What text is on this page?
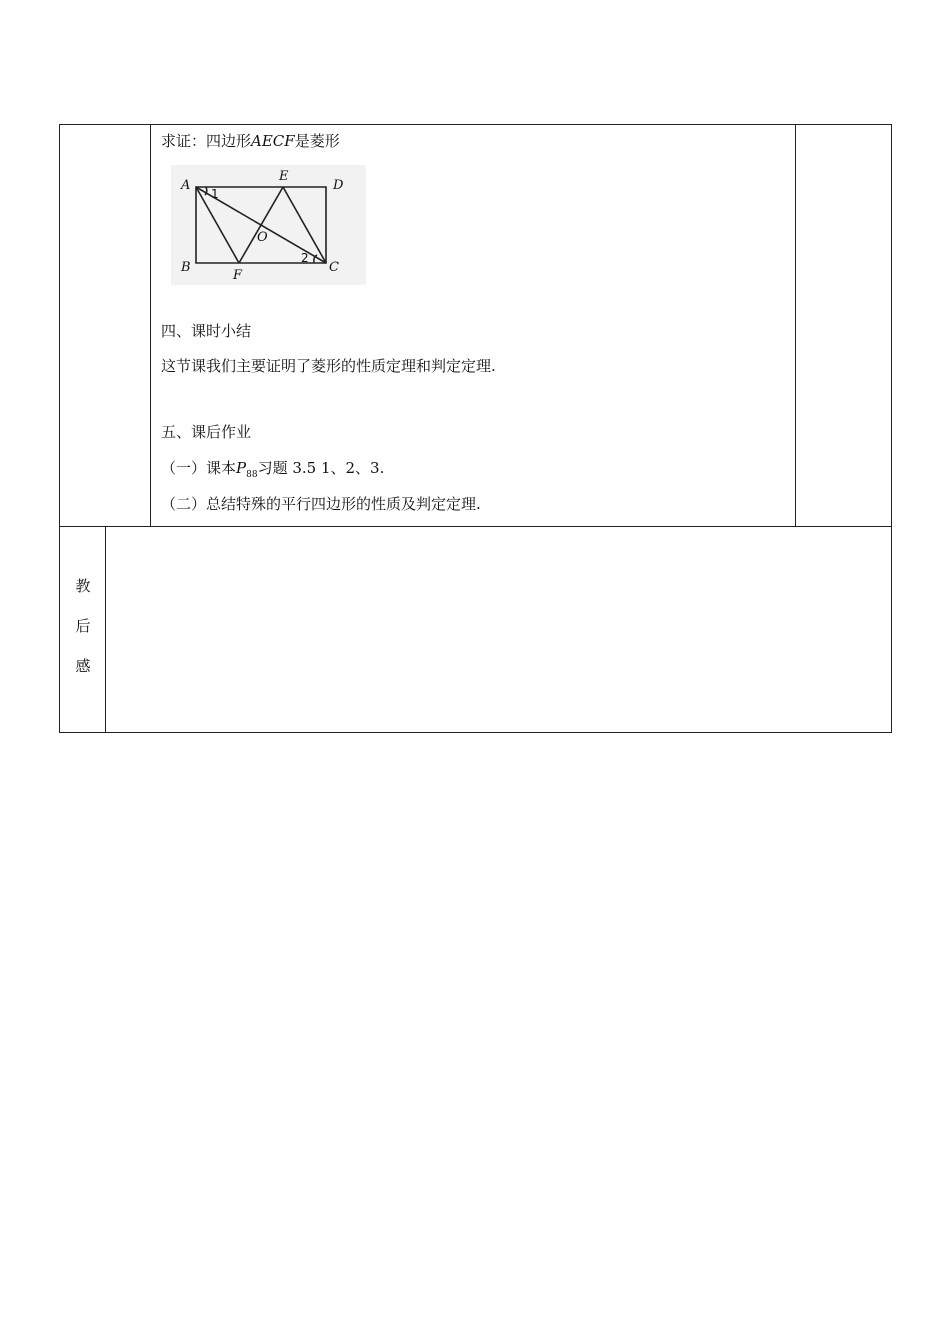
求证：四边形AECF是菱形
A
B	C
D
E
F
O
1
2
四、课时小结
这节课我们主要证明了菱形的性质定理和判定定理.
五、课后作业
（一）课本$P_{88}$习题 3.5 1、2、3.
（二）总结特殊的平行四边形的性质及判定定理.
教
后
感
